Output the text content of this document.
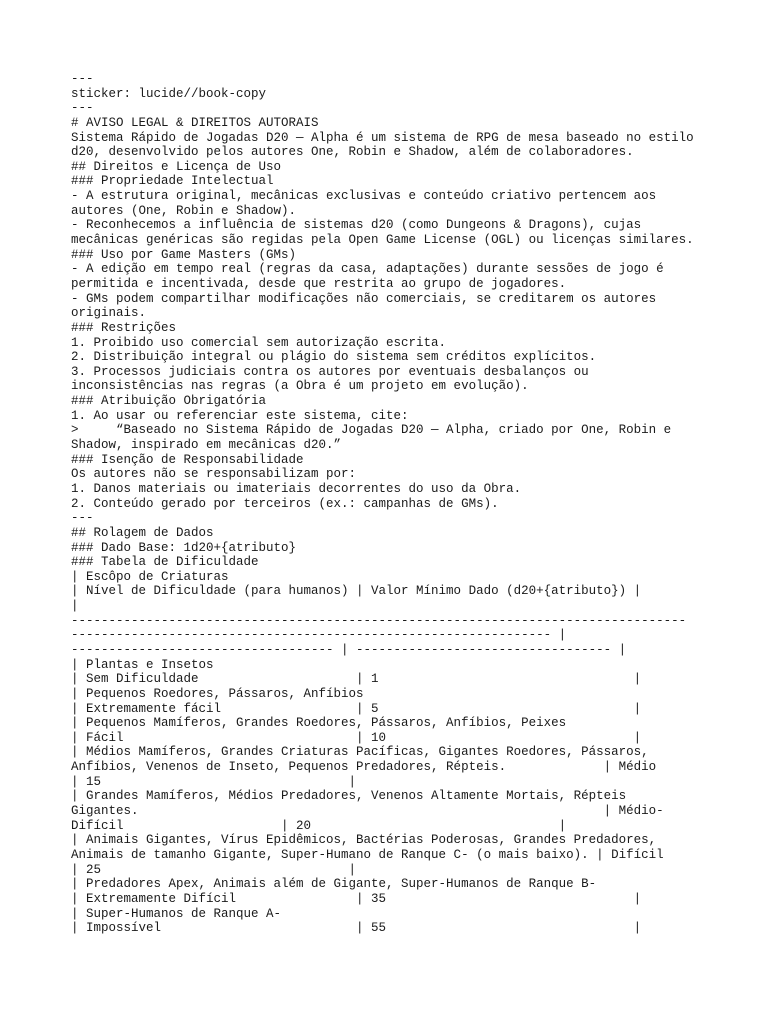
---
sticker: lucide//book-copy
---
# AVISO LEGAL & DIREITOS AUTORAIS
Sistema Rápido de Jogadas D20 — Alpha é um sistema de RPG de mesa baseado no estilo
d20, desenvolvido pelos autores One, Robin e Shadow, além de colaboradores.
## Direitos e Licença de Uso
### Propriedade Intelectual
- A estrutura original, mecânicas exclusivas e conteúdo criativo pertencem aos
autores (One, Robin e Shadow).
- Reconhecemos a influência de sistemas d20 (como Dungeons & Dragons), cujas
mecânicas genéricas são regidas pela Open Game License (OGL) ou licenças similares.
### Uso por Game Masters (GMs)
- A edição em tempo real (regras da casa, adaptações) durante sessões de jogo é
permitida e incentivada, desde que restrita ao grupo de jogadores.
- GMs podem compartilhar modificações não comerciais, se creditarem os autores
originais.
### Restrições
1. Proibido uso comercial sem autorização escrita.
2. Distribuição integral ou plágio do sistema sem créditos explícitos.
3. Processos judiciais contra os autores por eventuais desbalanços ou
inconsistências nas regras (a Obra é um projeto em evolução).
### Atribuição Obrigatória
1. Ao usar ou referenciar este sistema, cite:
>     “Baseado no Sistema Rápido de Jogadas D20 — Alpha, criado por One, Robin e
Shadow, inspirado em mecânicas d20.”
### Isenção de Responsabilidade
Os autores não se responsabilizam por:
1. Danos materiais ou imateriais decorrentes do uso da Obra.
2. Conteúdo gerado por terceiros (ex.: campanhas de GMs).
---
## Rolagem de Dados
### Dado Base: 1d20+{atributo}
### Tabela de Dificuldade
| Escôpo de Criaturas
| Nível de Dificuldade (para humanos) | Valor Mínimo Dado (d20+{atributo}) |
|
----------------------------------------------------------------------------------
---------------------------------------------------------------- |
----------------------------------- | ---------------------------------- |
| Plantas e Insetos
| Sem Dificuldade                     | 1                                  |
| Pequenos Roedores, Pássaros, Anfíbios
| Extremamente fácil                  | 5                                  |
| Pequenos Mamíferos, Grandes Roedores, Pássaros, Anfíbios, Peixes
| Fácil                               | 10                                 |
| Médios Mamíferos, Grandes Criaturas Pacíficas, Gigantes Roedores, Pássaros,
Anfíbios, Venenos de Inseto, Pequenos Predadores, Répteis.             | Médio
| 15                                 |
| Grandes Mamíferos, Médios Predadores, Venenos Altamente Mortais, Répteis
Gigantes.                                                              | Médio-
Difícil                     | 20                                 |
| Animais Gigantes, Vírus Epidêmicos, Bactérias Poderosas, Grandes Predadores,
Animais de tamanho Gigante, Super-Humano de Ranque C- (o mais baixo). | Difícil
| 25                                 |
| Predadores Apex, Animais além de Gigante, Super-Humanos de Ranque B-
| Extremamente Difícil                | 35                                 |
| Super-Humanos de Ranque A-
| Impossível                          | 55                                 |
